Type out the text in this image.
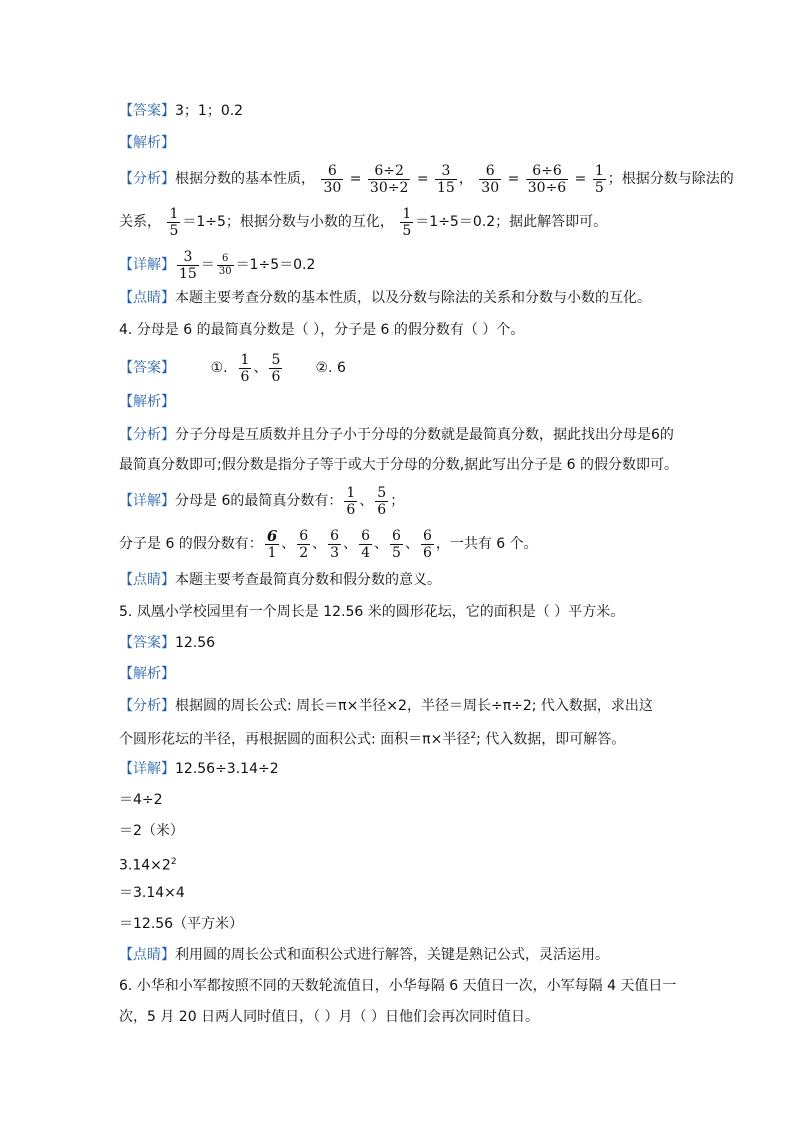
【答案】3；1；0.2
【解析】
【分析】根据分数的基本性质， $\frac{6}{30} = \frac{6\div 2}{30\div 2} = \frac{3}{15}$ ， $\frac{6}{30} = \frac{6\div 6}{30\div 6} = \frac{1}{5}$ ；根据分数与除法的
关系， $\frac{1}{5} =1\div 5$；根据分数与小数的互化， $\frac{1}{5} =1\div 5=0.2$；据此解答即可。
【详解】 $\frac{3}{15} = \frac{6}{30} =1\div 5=0.2$
【点睛】本题主要考查分数的基本性质，以及分数与除法的关系和分数与小数的互化。
4. 分母是 6 的最简真分数是（ ），分子是 6 的假分数有（ ）个。
【答案】        ①. $\frac{1}{6}$ 、 $\frac{5}{6}$ ②. 6
【解析】
【分析】分子分母是互质数并且分子小于分母的分数就是最简真分数，据此找出分母是6的
最简真分数即可;假分数是指分子等于或大于分母的分数,据此写出分子是 6 的假分数即可。
【详解】分母是 6的最简真分数有： $\frac{1}{6}$ 、 $\frac{5}{6}$ ；
分子是 6 的假分数有： $\frac{6}{1}$ 、 $\frac{6}{2}$ 、 $\frac{6}{3}$ 、 $\frac{6}{4}$ 、 $\frac{6}{5}$ 、 $\frac{6}{6}$ ，一共有 6 个。
【点睛】本题主要考查最简真分数和假分数的意义。
5. 凤凰小学校园里有一个周长是 12.56 米的圆形花坛，它的面积是（ ）平方米。
【答案】12.56
【解析】
【分析】根据圆的周长公式: 周长＝π×半径×2，半径＝周长÷π÷2; 代入数据，求出这
个圆形花坛的半径，再根据圆的面积公式: 面积＝π×半径$^2$; 代入数据，即可解答。
【详解】12.56÷3.14÷2
＝4÷2
＝2（米）
$3.14\times 2^2$
＝3.14×4
＝12.56（平方米）
【点睛】利用圆的周长公式和面积公式进行解答，关键是熟记公式，灵活运用。
6. 小华和小军都按照不同的天数轮流值日，小华每隔 6 天值日一次，小军每隔 4 天值日一
次，5 月 20 日两人同时值日，（ ）月（ ）日他们会再次同时值日。
